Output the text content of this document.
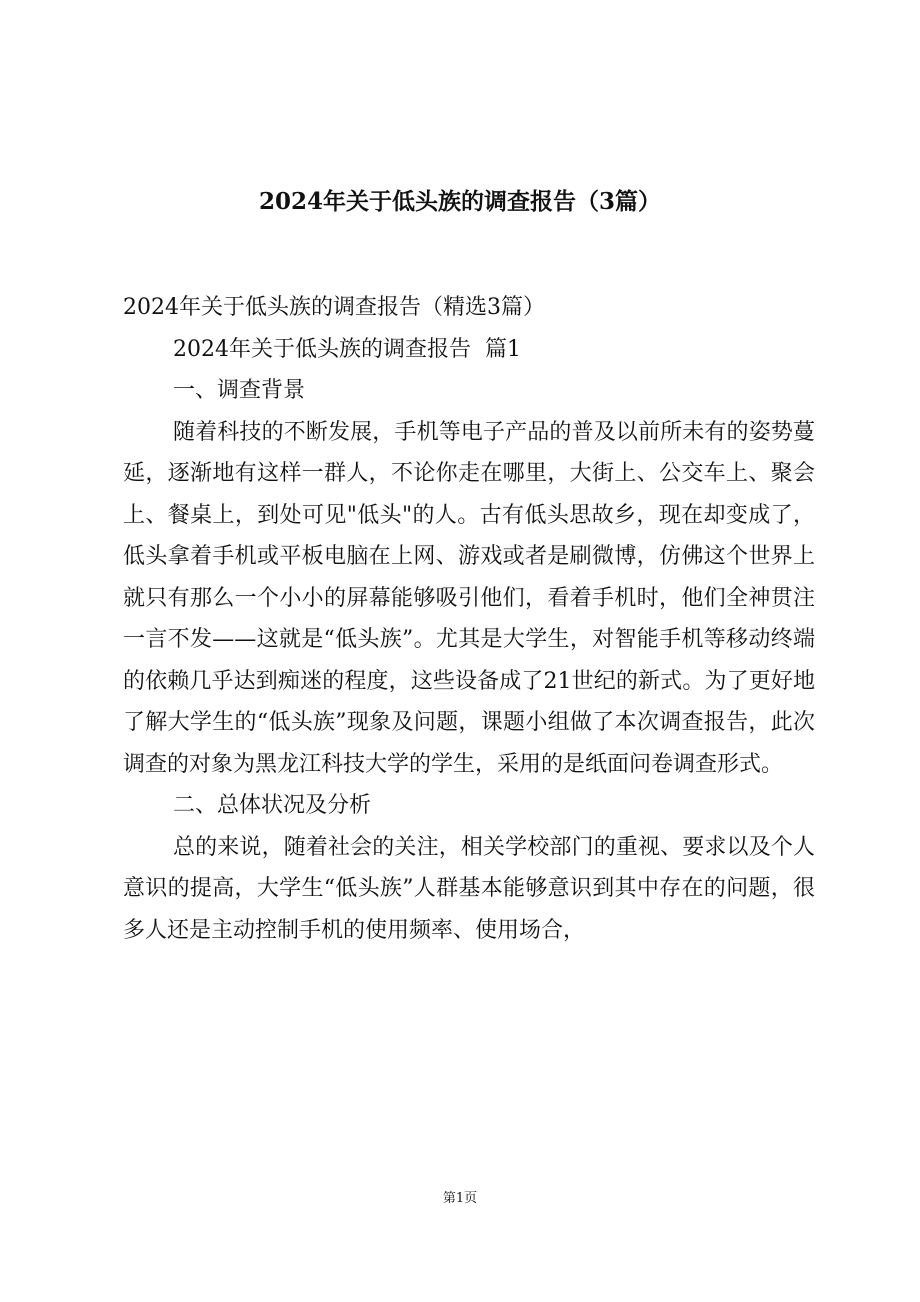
2024年关于低头族的调查报告（3篇）

2024年关于低头族的调查报告（精选3篇）

2024年关于低头族的调查报告  篇1

一、调查背景

随着科技的不断发展，手机等电子产品的普及以前所未有的姿势蔓延，逐渐地有这样一群人，不论你走在哪里，大街上、公交车上、聚会上、餐桌上，到处可见"低头"的人。古有低头思故乡，现在却变成了，低头拿着手机或平板电脑在上网、游戏或者是刷微博，仿佛这个世界上就只有那么一个小小的屏幕能够吸引他们，看着手机时，他们全神贯注一言不发——这就是“低头族”。尤其是大学生，对智能手机等移动终端的依赖几乎达到痴迷的程度，这些设备成了21世纪的新式。为了更好地了解大学生的“低头族”现象及问题，课题小组做了本次调查报告，此次调查的对象为黑龙江科技大学的学生，采用的是纸面问卷调查形式。

二、总体状况及分析

总的来说，随着社会的关注，相关学校部门的重视、要求以及个人意识的提高，大学生“低头族”人群基本能够意识到其中存在的问题，很多人还是主动控制手机的使用频率、使用场合，

第1页
